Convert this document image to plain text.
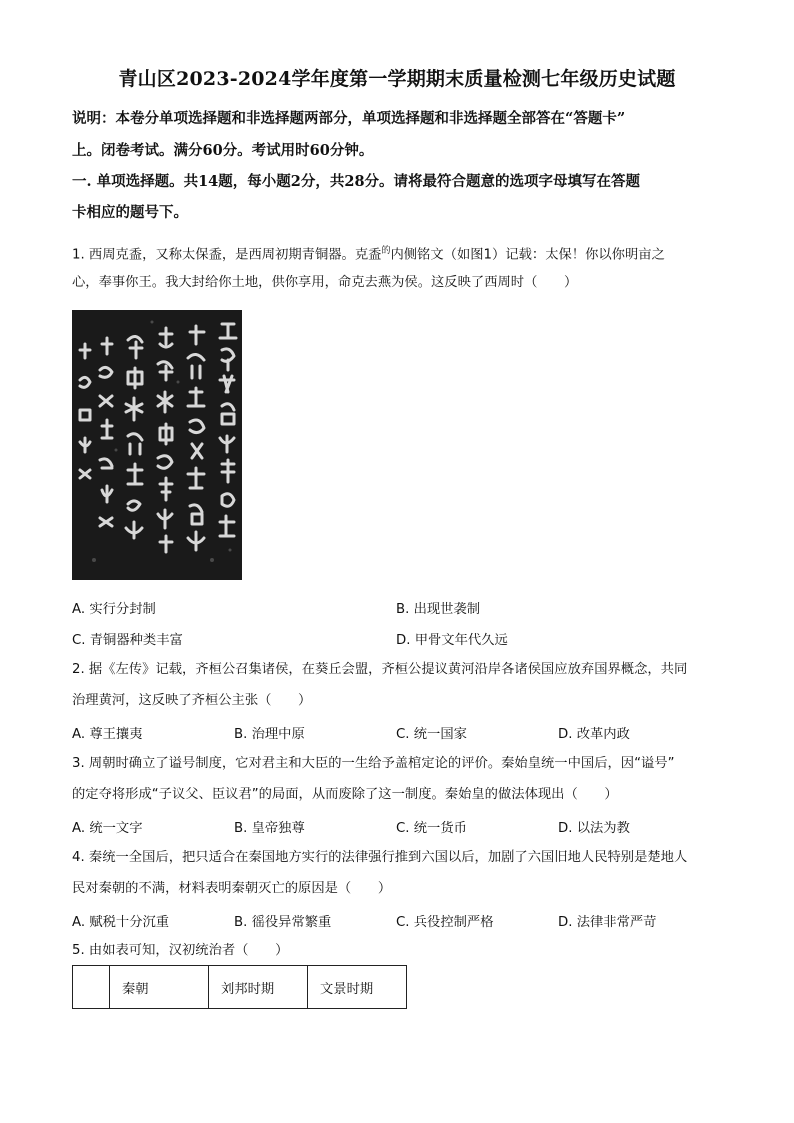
青山区2023-2024学年度第一学期期末质量检测七年级历史试题
说明：本卷分单项选择题和非选择题两部分，单项选择题和非选择题全部答在“答题卡”
上。闭卷考试。满分60分。考试用时60分钟。
一. 单项选择题。共14题，每小题2分，共28分。请将最符合题意的选项字母填写在答题
卡相应的题号下。
1. 西周克盉，又称太保盉，是西周初期青铜器。克盉$^的$内侧铭文（如图1）记载：太保！你以你明亩之
心，奉事你王。我大封给你土地，供你享用，命克去燕为侯。这反映了西周时（　　）
A. 实行分封制	B. 出现世袭制
C. 青铜器种类丰富	D. 甲骨文年代久远
2. 据《左传》记载，齐桓公召集诸侯，在葵丘会盟，齐桓公提议黄河沿岸各诸侯国应放弃国界概念，共同
治理黄河，这反映了齐桓公主张（　　）
A. 尊王攘夷	B. 治理中原	C. 统一国家	D. 改革内政
3. 周朝时确立了谥号制度，它对君主和大臣的一生给予盖棺定论的评价。秦始皇统一中国后，因“谥号”
的定夺将形成“子议父、臣议君”的局面，从而废除了这一制度。秦始皇的做法体现出（　　）
A. 统一文字	B. 皇帝独尊	C. 统一货币	D. 以法为教
4. 秦统一全国后，把只适合在秦国地方实行的法律强行推到六国以后，加剧了六国旧地人民特别是楚地人
民对秦朝的不满，材料表明秦朝灭亡的原因是（　　）
A. 赋税十分沉重	B. 徭役异常繁重	C. 兵役控制严格	D. 法律非常严苛
5. 由如表可知，汉初统治者（　　）
	秦朝	刘邦时期	文景时期
